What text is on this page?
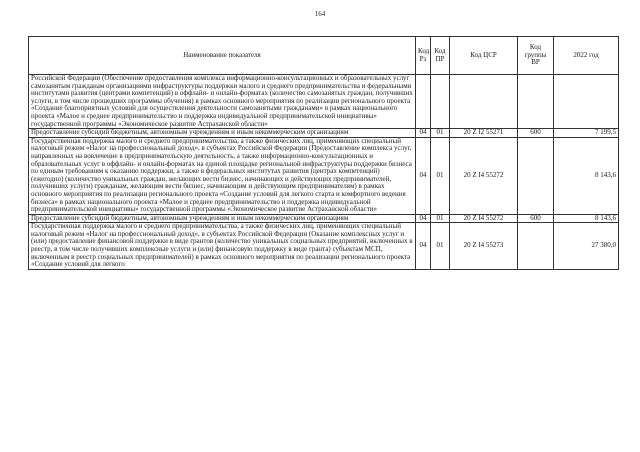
164
Наименование показателя	Код Рз	Код ПР	Код ЦСР	Код группы ВР	2022 год
Российской Федерации (Обеспечение предоставления комплекса информационно-консультационных и образовательных услуг самозанятым гражданам организациями инфраструктуры поддержки малого и среднего предпринимательства и федеральными институтами развития (центрами компетенций) в оффлайн- и онлайн-форматах (количество самозанятых граждан, получивших услуги, в том числе прошедших программы обучения) в рамках основного мероприятия по реализации регионального проекта «Создание благоприятных условий для осуществления деятельности самозанятыми гражданами» в рамках национального проекта «Малое и среднее предпринимательство и поддержка индивидуальной предпринимательской инициативы» государственной программы «Экономическое развитие Астраханской области»					
Предоставление субсидий бюджетным, автономным учреждениям и иным некоммерческим организациям	04	01	20 Z I2 55271	600	7 199,5
Государственная поддержка малого и среднего предпринимательства, а также физических лиц, применяющих специальный налоговый режим «Налог на профессиональный доход», в субъектах Российской Федерации (Предоставление комплекса услуг, направленных на вовлечение в предпринимательскую деятельность, а также информационно-консультационных и образовательных услуг в оффлайн- и онлайн-форматах на единой площадке региональной инфраструктуры поддержки бизнеса по единым требованиям к оказанию поддержки, а также в федеральных институтах развития (центрах компетенций) (ежегодно) (количество уникальных граждан, желающих вести бизнес, начинающих и действующих предпринимателей, получивших услуги) гражданам, желающим вести бизнес, начинающим и действующим предпринимателям) в рамках основного мероприятия по реализации регионального проекта «Создание условий для легкого старта и комфортного ведения бизнеса» в рамках национального проекта «Малое и среднее предпринимательство и поддержка индивидуальной предпринимательской инициативы» государственной программы «Экономическое развитие Астраханской области»	04	01	20 Z I4 55272		8 143,6
Предоставление субсидий бюджетным, автономным учреждениям и иным некоммерческим организациям	04	01	20 Z I4 55272	600	8 143,6
Государственная поддержка малого и среднего предпринимательства, а также физических лиц, применяющих специальный налоговый режим «Налог на профессиональный доход», в субъектах Российской Федерации (Оказание комплексных услуг и (или) предоставление финансовой поддержки в виде грантов (количество уникальных социальных предприятий, включенных в реестр, в том числе получивших комплексные услуги и (или) финансовую поддержку в виде гранта) субъектам МСП, включенным в реестр социальных предпринимателей) в рамках основного мероприятия по реализации регионального проекта «Создание условий для легкого	04	01	20 Z I4 55273		27 380,0
